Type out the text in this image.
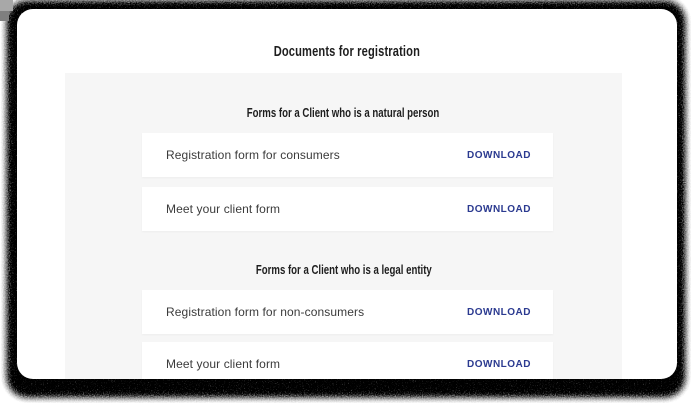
Documents for registration
Forms for a Client who is a natural person
Registration form for consumers	DOWNLOAD
Meet your client form	DOWNLOAD
Forms for a Client who is a legal entity
Registration form for non-consumers	DOWNLOAD
Meet your client form	DOWNLOAD
